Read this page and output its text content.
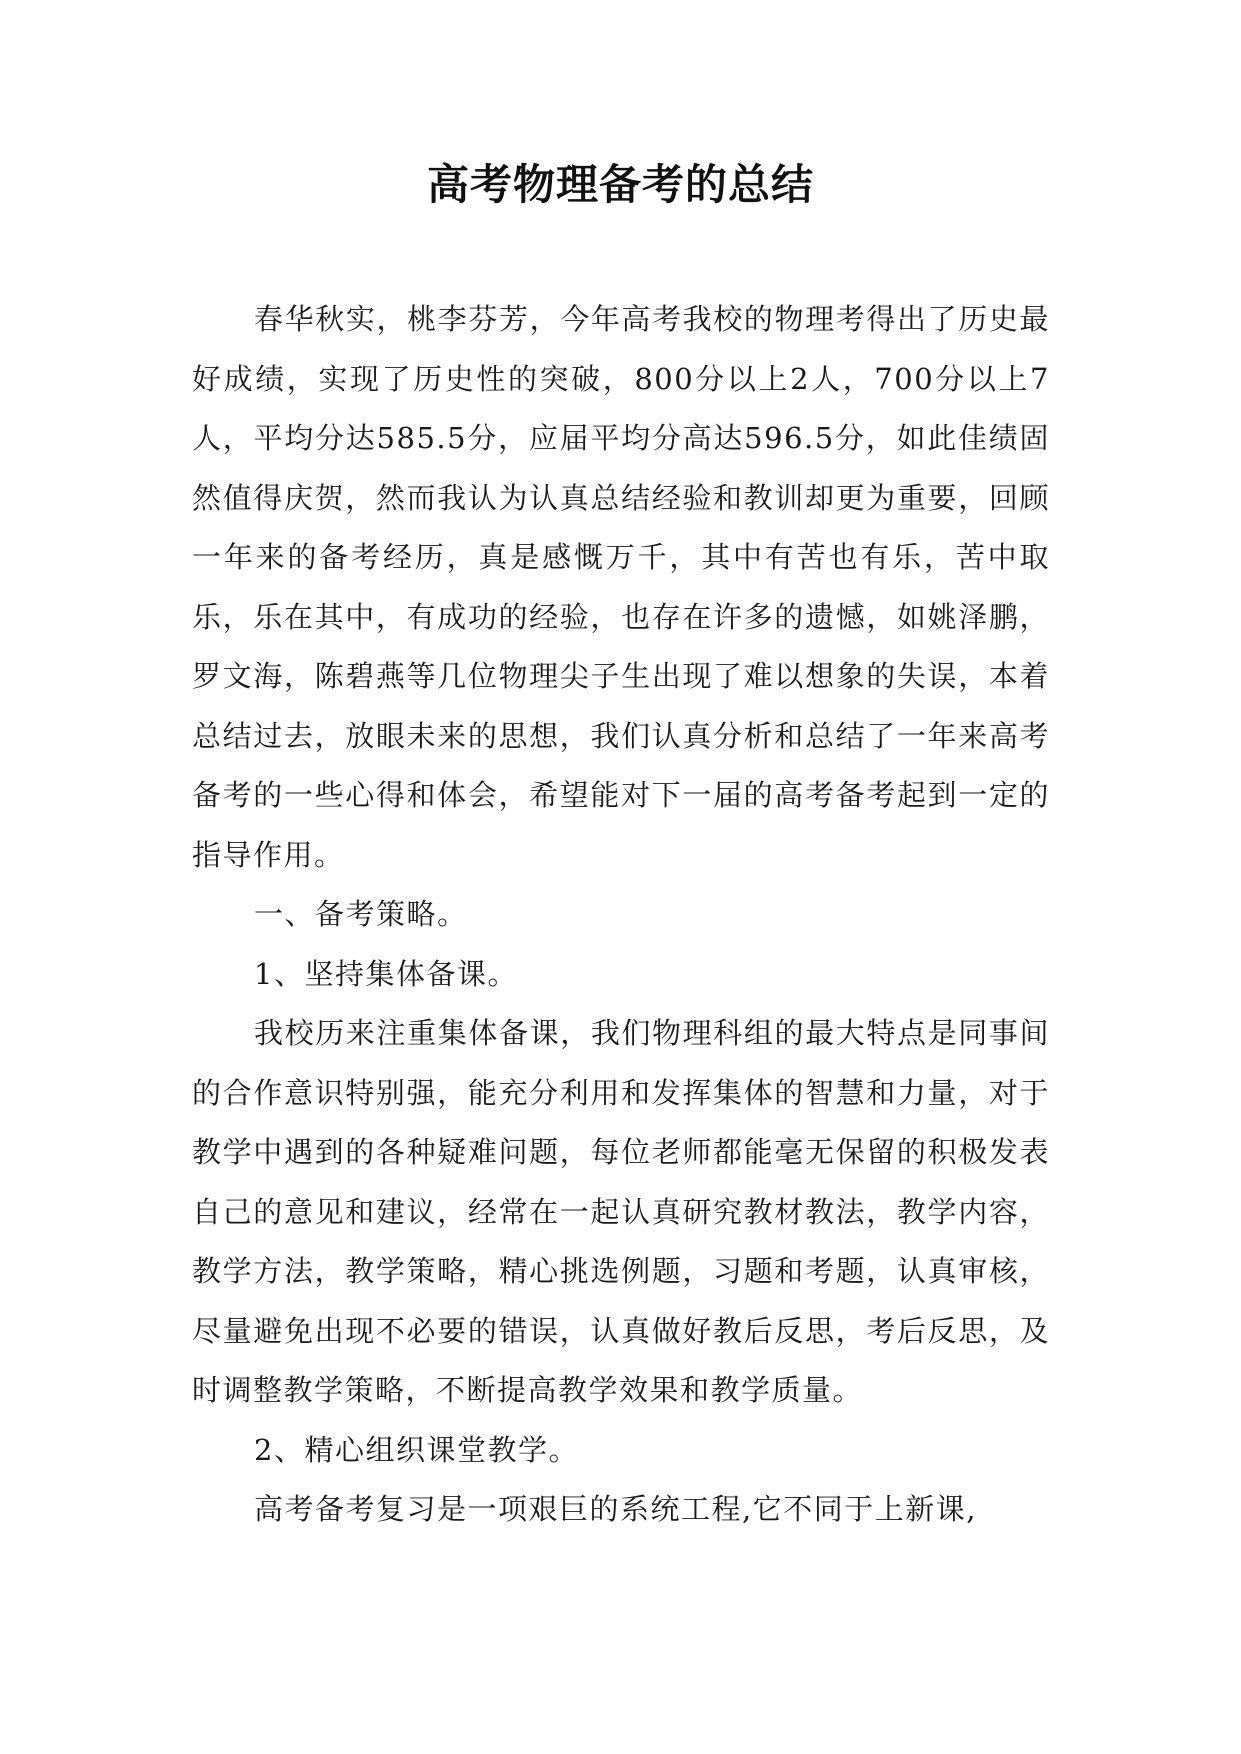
高考物理备考的总结

春华秋实，桃李芬芳，今年高考我校的物理考得出了历史最好成绩，实现了历史性的突破，800分以上2人，700分以上7人，平均分达585.5分，应届平均分高达596.5分，如此佳绩固然值得庆贺，然而我认为认真总结经验和教训却更为重要，回顾一年来的备考经历，真是感慨万千，其中有苦也有乐，苦中取乐，乐在其中，有成功的经验，也存在许多的遗憾，如姚泽鹏，罗文海，陈碧燕等几位物理尖子生出现了难以想象的失误，本着总结过去，放眼未来的思想，我们认真分析和总结了一年来高考备考的一些心得和体会，希望能对下一届的高考备考起到一定的指导作用。

一、备考策略。

1、坚持集体备课。

我校历来注重集体备课，我们物理科组的最大特点是同事间的合作意识特别强，能充分利用和发挥集体的智慧和力量，对于教学中遇到的各种疑难问题，每位老师都能毫无保留的积极发表自己的意见和建议，经常在一起认真研究教材教法，教学内容，教学方法，教学策略，精心挑选例题，习题和考题，认真审核，尽量避免出现不必要的错误，认真做好教后反思，考后反思，及时调整教学策略，不断提高教学效果和教学质量。

2、精心组织课堂教学。

高考备考复习是一项艰巨的系统工程,它不同于上新课,
